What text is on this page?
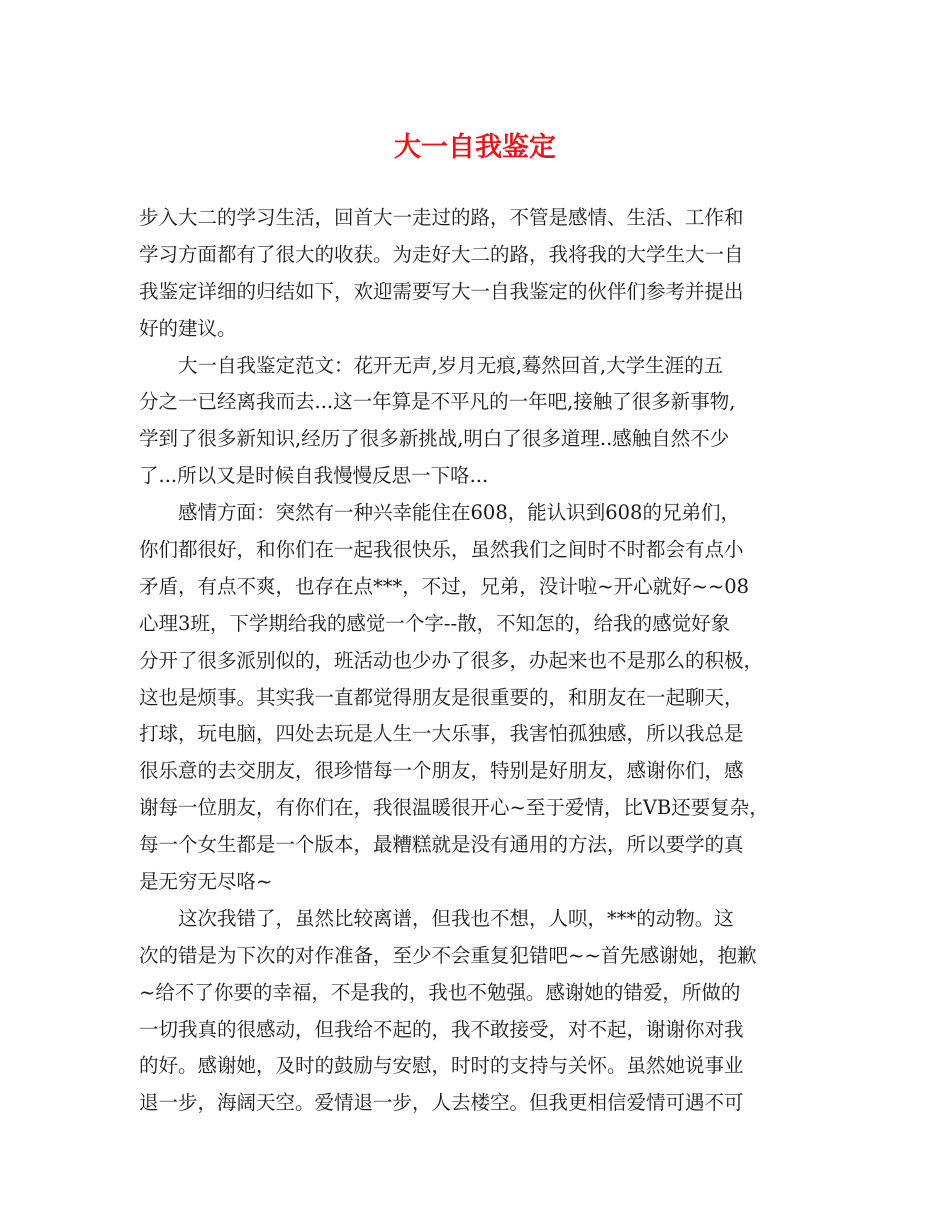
大一自我鉴定
步入大二的学习生活，回首大一走过的路，不管是感情、生活、工作和
学习方面都有了很大的收获。为走好大二的路，我将我的大学生大一自
我鉴定详细的归结如下，欢迎需要写大一自我鉴定的伙伴们参考并提出
好的建议。
　　大一自我鉴定范文：花开无声,岁月无痕,蓦然回首,大学生涯的五
分之一已经离我而去...这一年算是不平凡的一年吧,接触了很多新事物,
学到了很多新知识,经历了很多新挑战,明白了很多道理..感触自然不少
了...所以又是时候自我慢慢反思一下咯...
　　感情方面：突然有一种兴幸能住在608，能认识到608的兄弟们，
你们都很好，和你们在一起我很快乐，虽然我们之间时不时都会有点小
矛盾，有点不爽，也存在点***，不过，兄弟，没计啦~开心就好~~08
心理3班，下学期给我的感觉一个字--散，不知怎的，给我的感觉好象
分开了很多派别似的，班活动也少办了很多，办起来也不是那么的积极，
这也是烦事。其实我一直都觉得朋友是很重要的，和朋友在一起聊天，
打球，玩电脑，四处去玩是人生一大乐事，我害怕孤独感，所以我总是
很乐意的去交朋友，很珍惜每一个朋友，特别是好朋友，感谢你们，感
谢每一位朋友，有你们在，我很温暖很开心~至于爱情，比VB还要复杂，
每一个女生都是一个版本，最糟糕就是没有通用的方法，所以要学的真
是无穷无尽咯~
　　这次我错了，虽然比较离谱，但我也不想，人呗，***的动物。这
次的错是为下次的对作准备，至少不会重复犯错吧~~首先感谢她，抱歉
~给不了你要的幸福，不是我的，我也不勉强。感谢她的错爱，所做的
一切我真的很感动，但我给不起的，我不敢接受，对不起，谢谢你对我
的好。感谢她，及时的鼓励与安慰，时时的支持与关怀。虽然她说事业
退一步，海阔天空。爱情退一步，人去楼空。但我更相信爱情可遇不可
